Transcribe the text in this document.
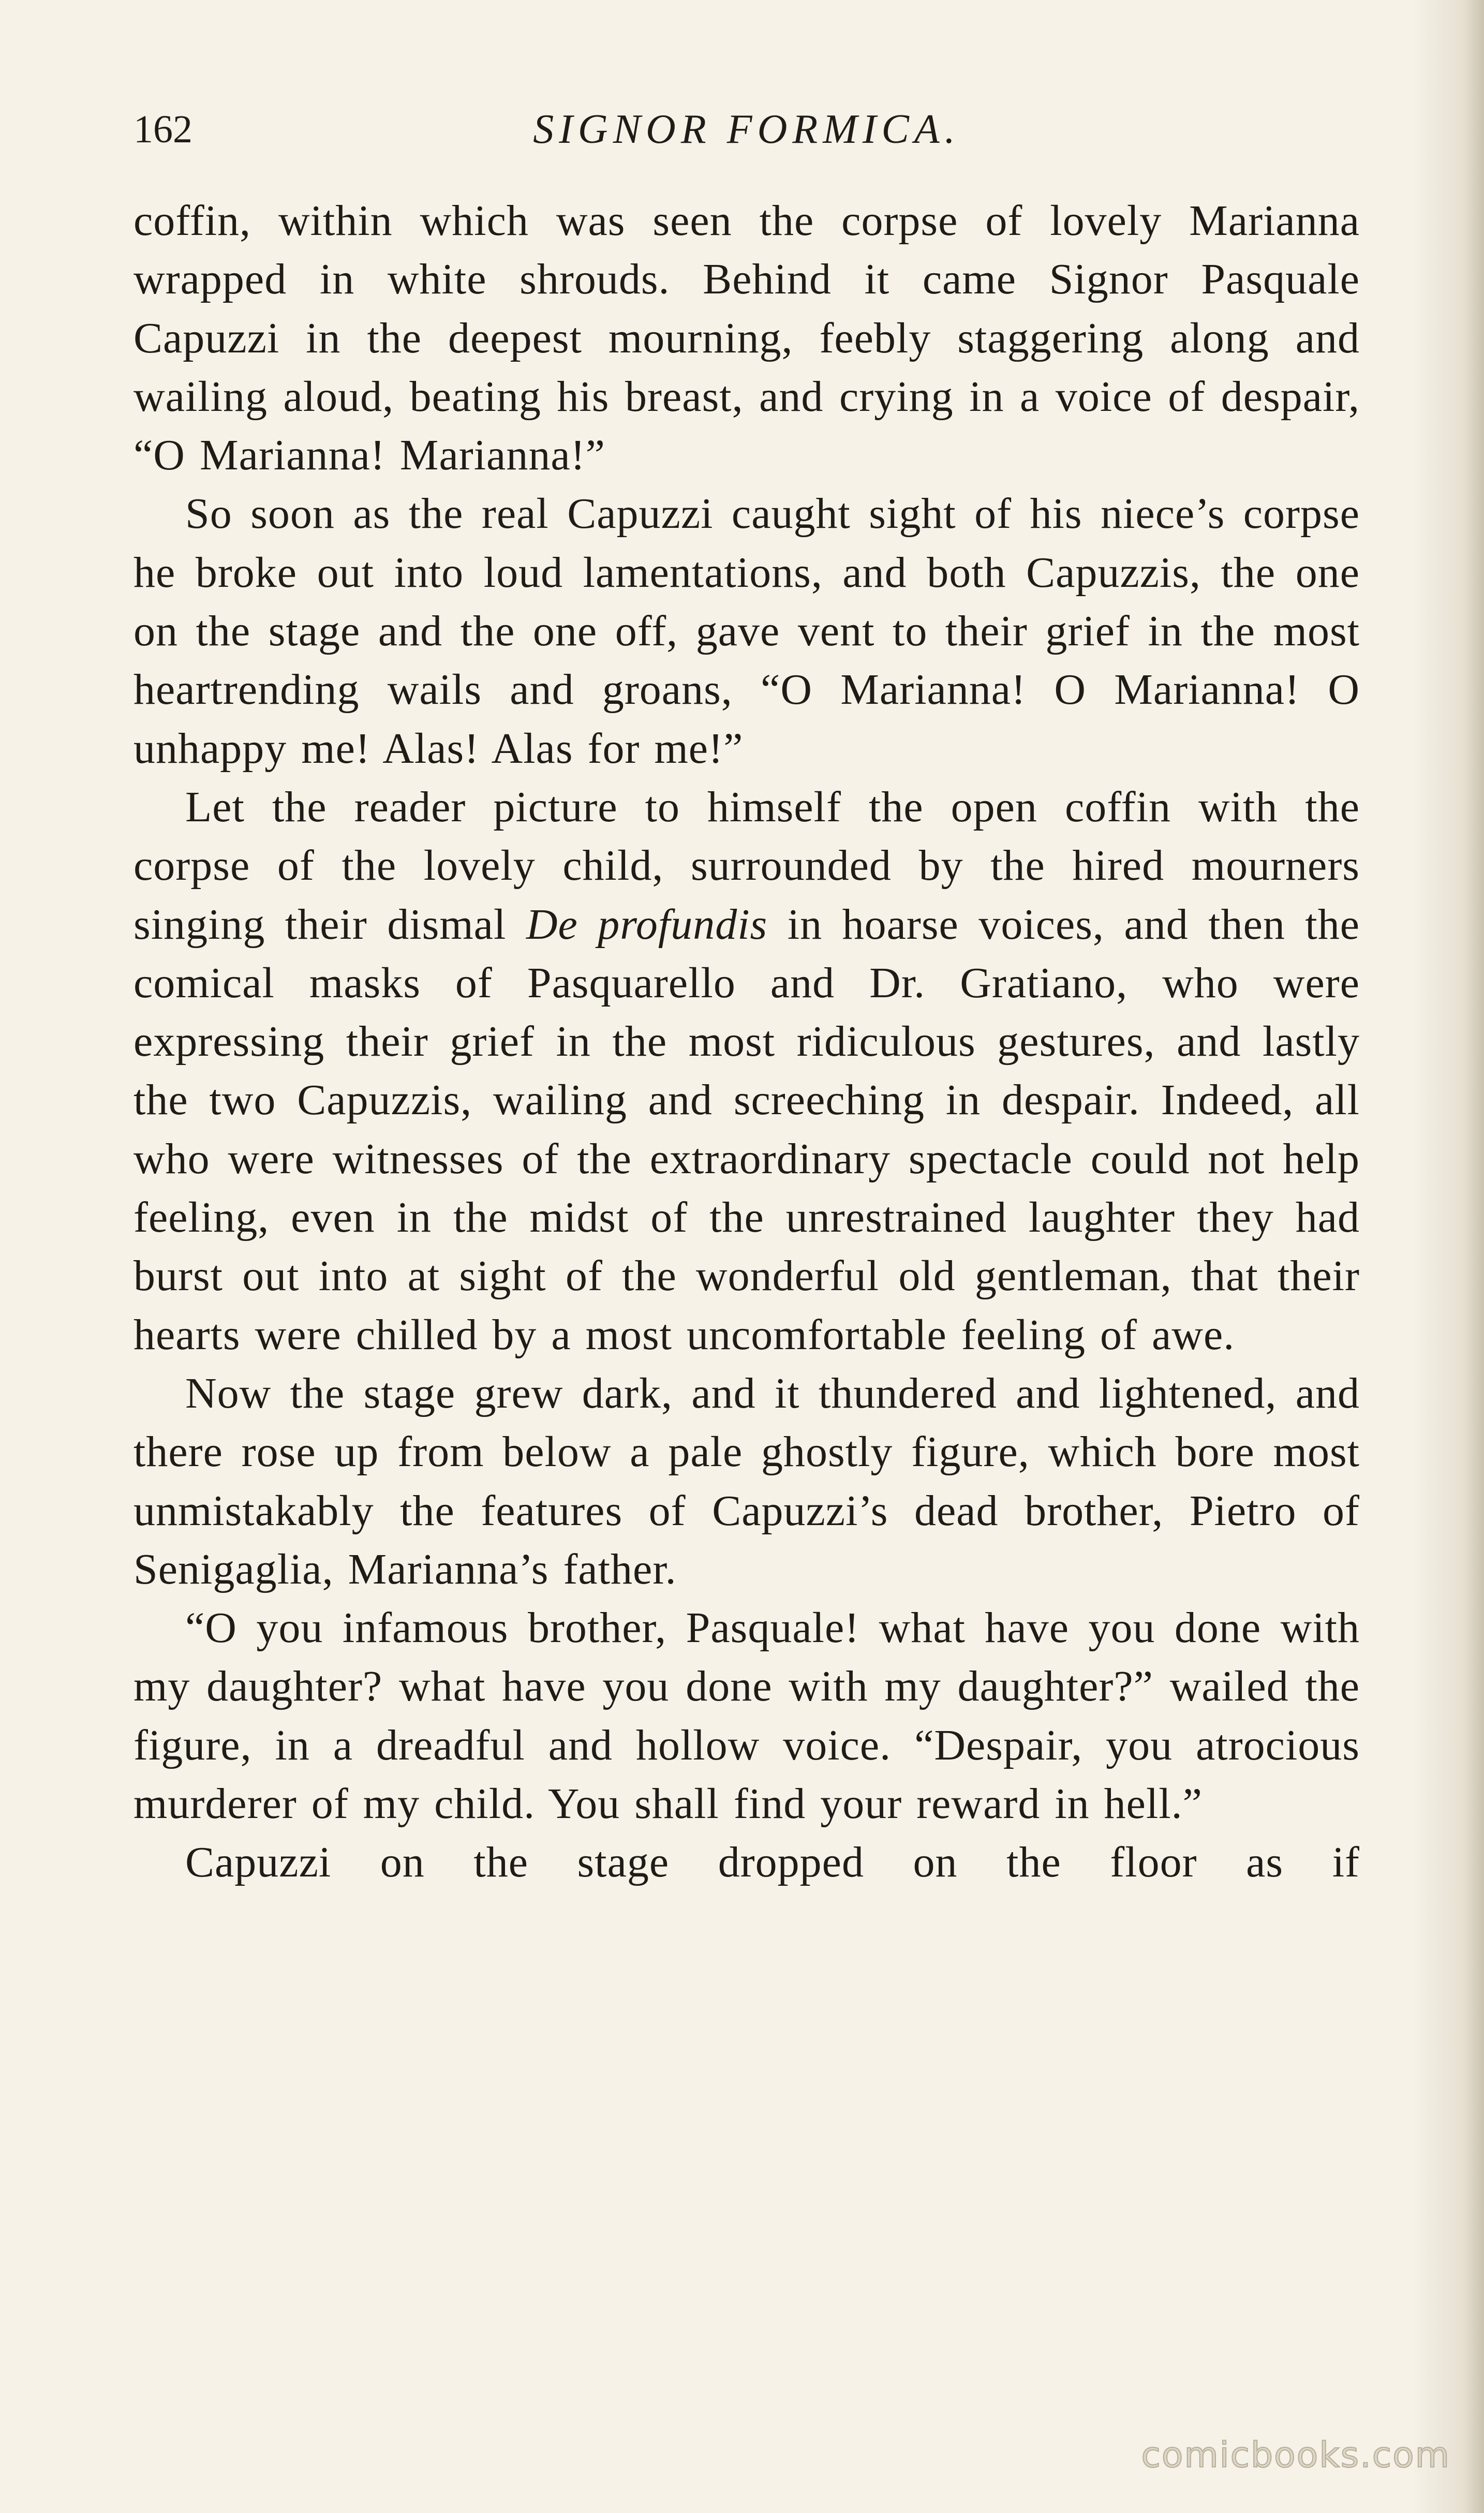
162	SIGNOR FORMICA.

coffin, within which was seen the corpse of lovely Marianna wrapped in white shrouds. Behind it came Signor Pasquale Capuzzi in the deepest mourning, feebly staggering along and wailing aloud, beating his breast, and crying in a voice of despair, “O Marianna! Marianna!”

So soon as the real Capuzzi caught sight of his niece’s corpse he broke out into loud lamentations, and both Capuzzis, the one on the stage and the one off, gave vent to their grief in the most heartrending wails and groans, “O Marianna! O Marianna! O unhappy me! Alas! Alas for me!”

Let the reader picture to himself the open coffin with the corpse of the lovely child, surrounded by the hired mourners singing their dismal De profundis in hoarse voices, and then the comical masks of Pasquarello and Dr. Gratiano, who were expressing their grief in the most ridiculous gestures, and lastly the two Capuzzis, wailing and screeching in despair. Indeed, all who were witnesses of the extraordinary spectacle could not help feeling, even in the midst of the unrestrained laughter they had burst out into at sight of the wonderful old gentleman, that their hearts were chilled by a most uncomfortable feeling of awe.

Now the stage grew dark, and it thundered and lightened, and there rose up from below a pale ghostly figure, which bore most unmistakably the features of Capuzzi’s dead brother, Pietro of Senigaglia, Marianna’s father.

“O you infamous brother, Pasquale! what have you done with my daughter? what have you done with my daughter?” wailed the figure, in a dreadful and hollow voice. “Despair, you atrocious murderer of my child. You shall find your reward in hell.”

Capuzzi on the stage dropped on the floor as if

comicbooks.com
